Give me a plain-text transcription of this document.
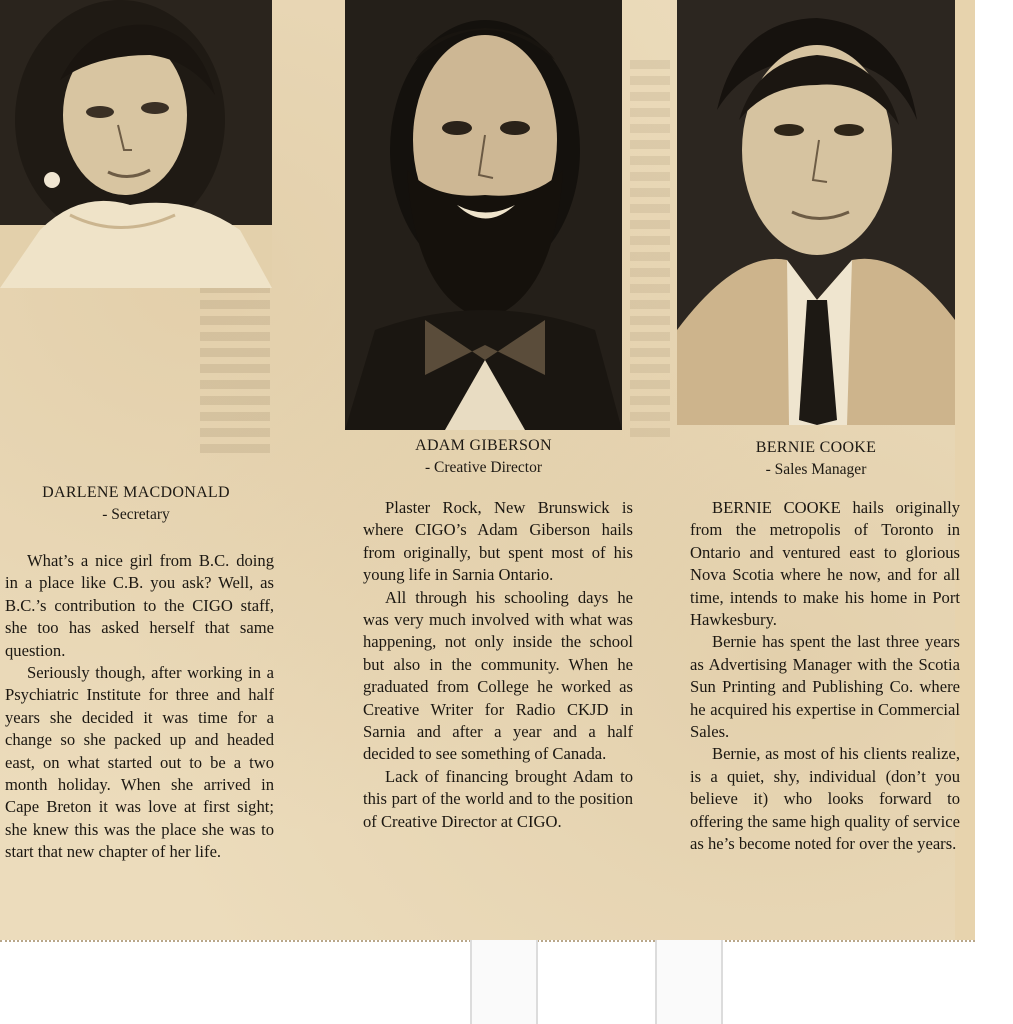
DARLENE MACDONALD
- Secretary
ADAM GIBERSON
- Creative Director
BERNIE COOKE
- Sales Manager

What’s a nice girl from B.C. doing in a place like C.B. you ask? Well, as B.C.’s contribution to the CIGO staff, she too has asked herself that same question.

Seriously though, after working in a Psychiatric Institute for three and half years she decided it was time for a change so she packed up and headed east, on what started out to be a two month holiday. When she arrived in Cape Breton it was love at first sight; she knew this was the place she was to start that new chapter of her life.

Plaster Rock, New Brunswick is where CIGO’s Adam Giberson hails from originally, but spent most of his young life in Sarnia Ontario.

All through his schooling days he was very much involved with what was happening, not only inside the school but also in the community. When he graduated from College he worked as Creative Writer for Radio CKJD in Sarnia and after a year and a half decided to see something of Canada.

Lack of financing brought Adam to this part of the world and to the position of Creative Director at CIGO.

BERNIE COOKE hails originally from the metropolis of Toronto in Ontario and ventured east to glorious Nova Scotia where he now, and for all time, intends to make his home in Port Hawkesbury.

Bernie has spent the last three years as Advertising Manager with the Scotia Sun Printing and Publishing Co. where he acquired his expertise in Commercial Sales.

Bernie, as most of his clients realize, is a quiet, shy, individual (don’t you believe it) who looks forward to offering the same high quality of service as he’s become noted for over the years.
